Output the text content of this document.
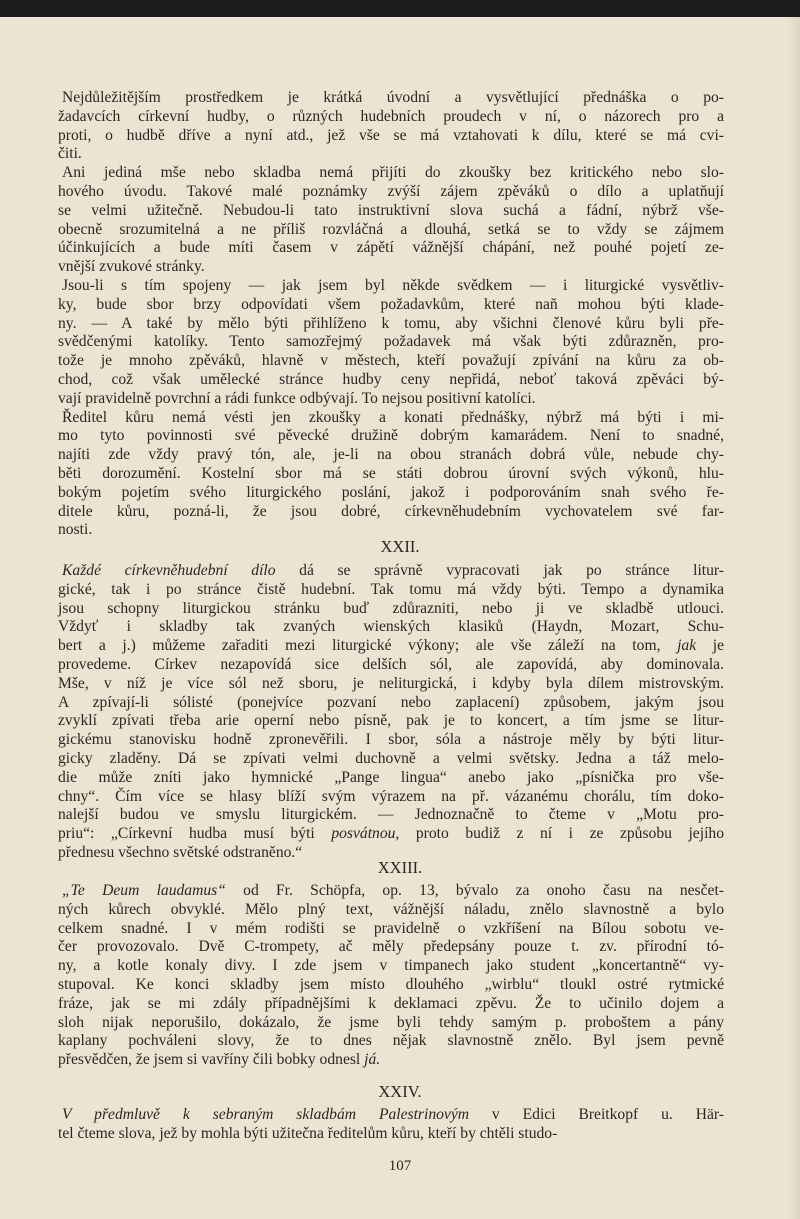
Nejdůležitějším prostředkem je krátká úvodní a vysvětlující přednáška o po-
žadavcích církevní hudby, o různých hudebních proudech v ní, o názorech pro a
proti, o hudbě dříve a nyní atd., jež vše se má vztahovati k dílu, které se má cvi-
čiti.
Ani jediná mše nebo skladba nemá přijíti do zkoušky bez kritického nebo slo-
hového úvodu. Takové malé poznámky zvýší zájem zpěváků o dílo a uplatňují
se velmi užitečně. Nebudou-li tato instruktivní slova suchá a fádní, nýbrž vše-
obecně srozumitelná a ne příliš rozvláčná a dlouhá, setká se to vždy se zájmem
účinkujících a bude míti časem v zápětí vážnější chápání, než pouhé pojetí ze-
vnější zvukové stránky.
Jsou-li s tím spojeny — jak jsem byl někde svědkem — i liturgické vysvětliv-
ky, bude sbor brzy odpovídati všem požadavkům, které naň mohou býti klade-
ny. — A také by mělo býti přihlíženo k tomu, aby všichni členové kůru byli pře-
svědčenými katolíky. Tento samozřejmý požadavek má však býti zdůrazněn, pro-
tože je mnoho zpěváků, hlavně v městech, kteří považují zpívání na kůru za ob-
chod, což však umělecké stránce hudby ceny nepřidá, neboť taková zpěváci bý-
vají pravidelně povrchní a rádi funkce odbývají. To nejsou positivní katolíci.
Ředitel kůru nemá vésti jen zkoušky a konati přednášky, nýbrž má býti i mi-
mo tyto povinnosti své pěvecké družině dobrým kamarádem. Není to snadné,
najíti zde vždy pravý tón, ale, je-li na obou stranách dobrá vůle, nebude chy-
běti dorozumění. Kostelní sbor má se státi dobrou úrovní svých výkonů, hlu-
bokým pojetím svého liturgického poslání, jakož i podporováním snah svého ře-
ditele kůru, pozná-li, že jsou dobré, církevněhudebním vychovatelem své far-
nosti.
XXII.
Každé církevněhudební dílo dá se správně vypracovati jak po stránce litur-
gické, tak i po stránce čistě hudební. Tak tomu má vždy býti. Tempo a dynamika
jsou schopny liturgickou stránku buď zdůrazniti, nebo ji ve skladbě utlouci.
Vždyť i skladby tak zvaných wienských klasiků (Haydn, Mozart, Schu-
bert a j.) můžeme zařaditi mezi liturgické výkony; ale vše záleží na tom, jak je
provedeme. Církev nezapovídá sice delších sól, ale zapovídá, aby dominovala.
Mše, v níž je více sól než sboru, je neliturgická, i kdyby byla dílem mistrovským.
A zpívají-li sólisté (ponejvíce pozvaní nebo zaplacení) způsobem, jakým jsou
zvyklí zpívati třeba arie operní nebo písně, pak je to koncert, a tím jsme se litur-
gickému stanovisku hodně zpronevěřili. I sbor, sóla a nástroje měly by býti litur-
gicky zladěny. Dá se zpívati velmi duchovně a velmi světsky. Jedna a táž melo-
die může zníti jako hymnické „Pange lingua“ anebo jako „písnička pro vše-
chny“. Čím více se hlasy blíží svým výrazem na př. vázanému chorálu, tím doko-
nalejší budou ve smyslu liturgickém. — Jednoznačně to čteme v „Motu pro-
priu“: „Církevní hudba musí býti posvátnou, proto budiž z ní i ze způsobu jejího
přednesu všechno světské odstraněno.“
XXIII.
„Te Deum laudamus“ od Fr. Schöpfa, op. 13, bývalo za onoho času na nesčet-
ných kůrech obvyklé. Mělo plný text, vážnější náladu, znělo slavnostně a bylo
celkem snadné. I v mém rodišti se pravidelně o vzkříšení na Bílou sobotu ve-
čer provozovalo. Dvě C-trompety, ač měly předepsány pouze t. zv. přírodní tó-
ny, a kotle konaly divy. I zde jsem v timpanech jako student „koncertantně“ vy-
stupoval. Ke konci skladby jsem místo dlouhého „wirblu“ tloukl ostré rytmické
fráze, jak se mi zdály případnějšími k deklamaci zpěvu. Že to učinilo dojem a
sloh nijak neporušilo, dokázalo, že jsme byli tehdy samým p. proboštem a pány
kaplany pochváleni slovy, že to dnes nějak slavnostně znělo. Byl jsem pevně
přesvědčen, že jsem si vavříny čili bobky odnesl já.
XXIV.
V předmluvě k sebraným skladbám Palestrinovým v Edici Breitkopf u. Här-
tel čteme slova, jež by mohla býti užitečna ředitelům kůru, kteří by chtěli studo-
107
